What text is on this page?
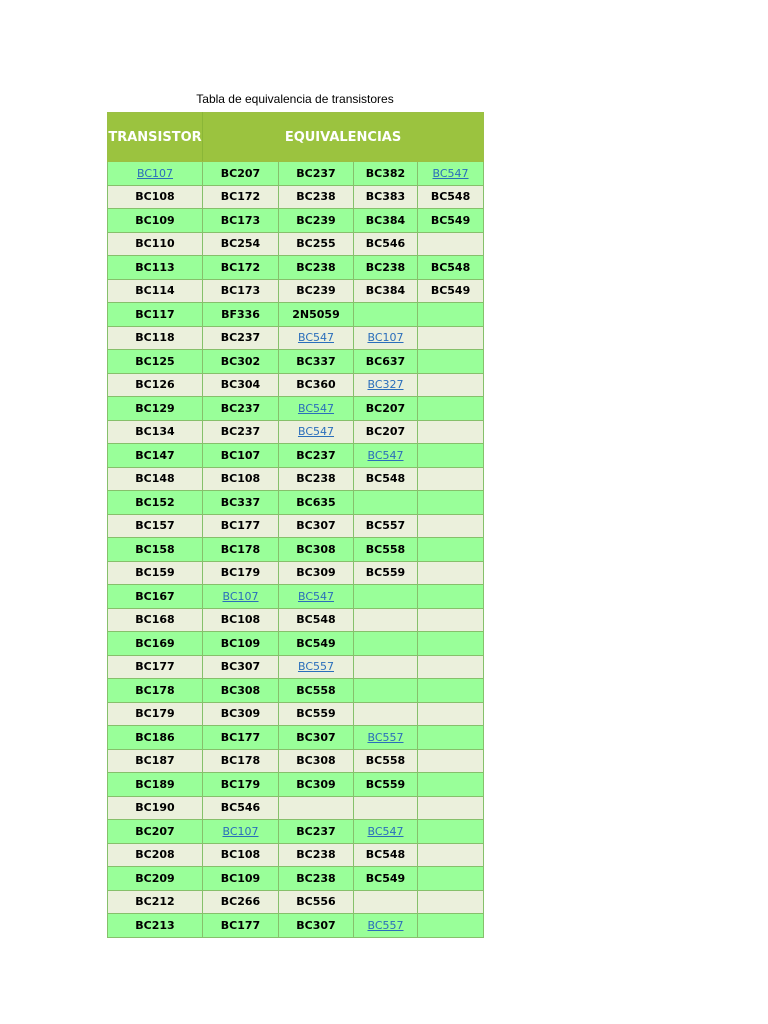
Tabla de equivalencia de transistores
TRANSISTOR	EQUIVALENCIAS			
BC107	BC207	BC237	BC382	BC547
BC108	BC172	BC238	BC383	BC548
BC109	BC173	BC239	BC384	BC549
BC110	BC254	BC255	BC546	
BC113	BC172	BC238	BC238	BC548
BC114	BC173	BC239	BC384	BC549
BC117	BF336	2N5059		
BC118	BC237	BC547	BC107	
BC125	BC302	BC337	BC637	
BC126	BC304	BC360	BC327	
BC129	BC237	BC547	BC207	
BC134	BC237	BC547	BC207	
BC147	BC107	BC237	BC547	
BC148	BC108	BC238	BC548	
BC152	BC337	BC635		
BC157	BC177	BC307	BC557	
BC158	BC178	BC308	BC558	
BC159	BC179	BC309	BC559	
BC167	BC107	BC547		
BC168	BC108	BC548		
BC169	BC109	BC549		
BC177	BC307	BC557		
BC178	BC308	BC558		
BC179	BC309	BC559		
BC186	BC177	BC307	BC557	
BC187	BC178	BC308	BC558	
BC189	BC179	BC309	BC559	
BC190	BC546			
BC207	BC107	BC237	BC547	
BC208	BC108	BC238	BC548	
BC209	BC109	BC238	BC549	
BC212	BC266	BC556		
BC213	BC177	BC307	BC557	
